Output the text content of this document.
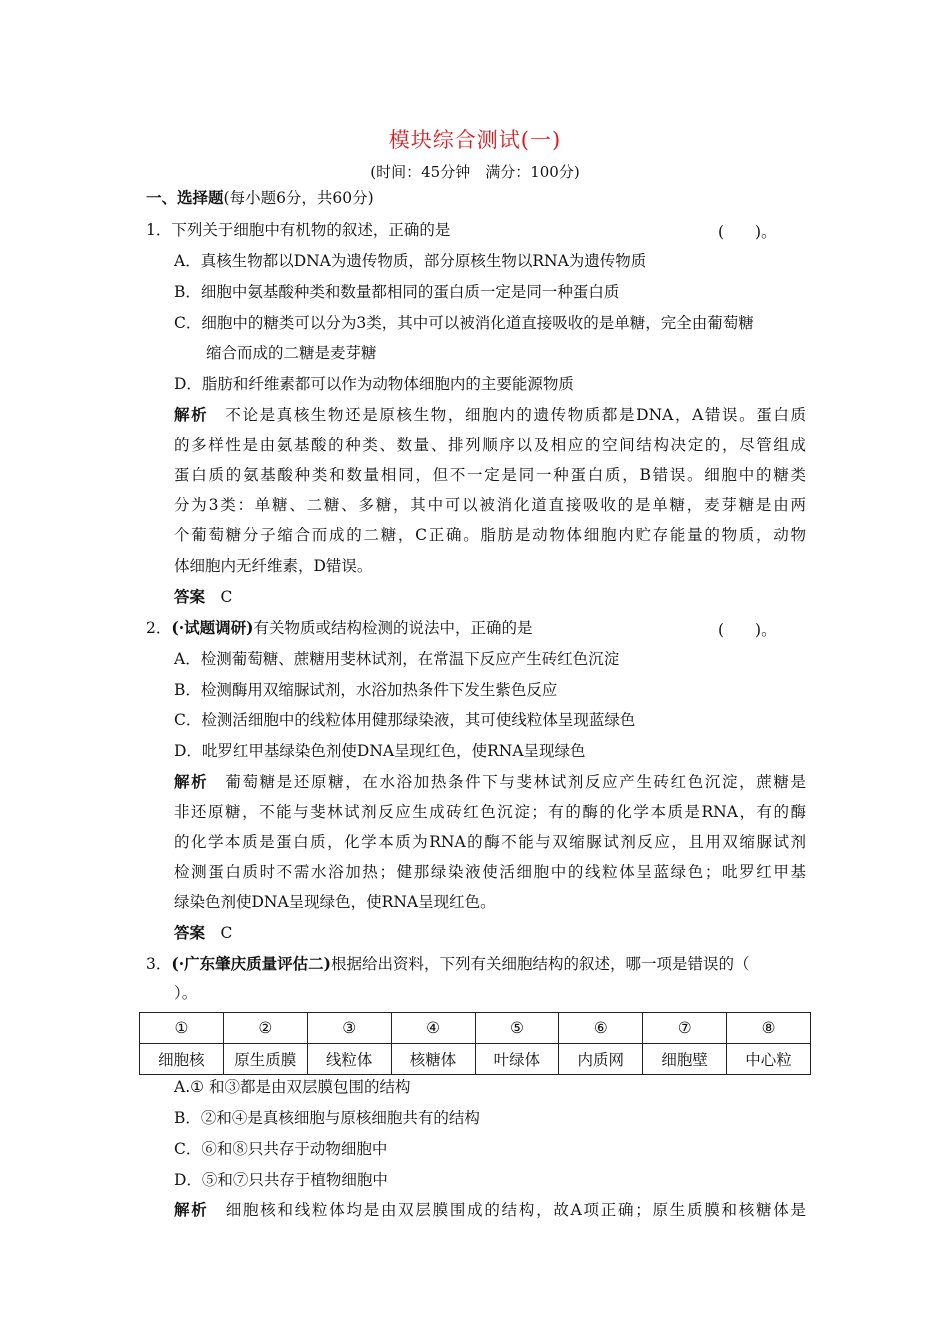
模块综合测试(一)
(时间：45分钟　满分：100分)
一、选择题(每小题6分，共60分)
1．下列关于细胞中有机物的叙述，正确的是	(　　)。
A．真核生物都以DNA为遗传物质，部分原核生物以RNA为遗传物质
B．细胞中氨基酸种类和数量都相同的蛋白质一定是同一种蛋白质
C．细胞中的糖类可以分为3类，其中可以被消化道直接吸收的是单糖，完全由葡萄糖
缩合而成的二糖是麦芽糖
D．脂肪和纤维素都可以作为动物体细胞内的主要能源物质
解析　不论是真核生物还是原核生物，细胞内的遗传物质都是DNA，A错误。蛋白质
的多样性是由氨基酸的种类、数量、排列顺序以及相应的空间结构决定的，尽管组成
蛋白质的氨基酸种类和数量相同，但不一定是同一种蛋白质，B错误。细胞中的糖类
分为3类：单糖、二糖、多糖，其中可以被消化道直接吸收的是单糖，麦芽糖是由两
个葡萄糖分子缩合而成的二糖，C正确。脂肪是动物体细胞内贮存能量的物质，动物
体细胞内无纤维素，D错误。
答案　C
2．(·试题调研)有关物质或结构检测的说法中，正确的是	(　　)。
A．检测葡萄糖、蔗糖用斐林试剂，在常温下反应产生砖红色沉淀
B．检测酶用双缩脲试剂，水浴加热条件下发生紫色反应
C．检测活细胞中的线粒体用健那绿染液，其可使线粒体呈现蓝绿色
D．吡罗红甲基绿染色剂使DNA呈现红色，使RNA呈现绿色
解析　葡萄糖是还原糖，在水浴加热条件下与斐林试剂反应产生砖红色沉淀，蔗糖是
非还原糖，不能与斐林试剂反应生成砖红色沉淀；有的酶的化学本质是RNA，有的酶
的化学本质是蛋白质，化学本质为RNA的酶不能与双缩脲试剂反应，且用双缩脲试剂
检测蛋白质时不需水浴加热；健那绿染液使活细胞中的线粒体呈蓝绿色；吡罗红甲基
绿染色剂使DNA呈现绿色，使RNA呈现红色。
答案　C
3．(·广东肇庆质量评估二)根据给出资料，下列有关细胞结构的叙述，哪一项是错误的（
）。
①	②	③	④	⑤	⑥	⑦	⑧
细胞核	原生质膜	线粒体	核糖体	叶绿体	内质网	细胞壁	中心粒
A.① 和③都是由双层膜包围的结构
B．②和④是真核细胞与原核细胞共有的结构
C．⑥和⑧只共存于动物细胞中
D．⑤和⑦只共存于植物细胞中
解析　细胞核和线粒体均是由双层膜围成的结构，故A项正确；原生质膜和核糖体是
